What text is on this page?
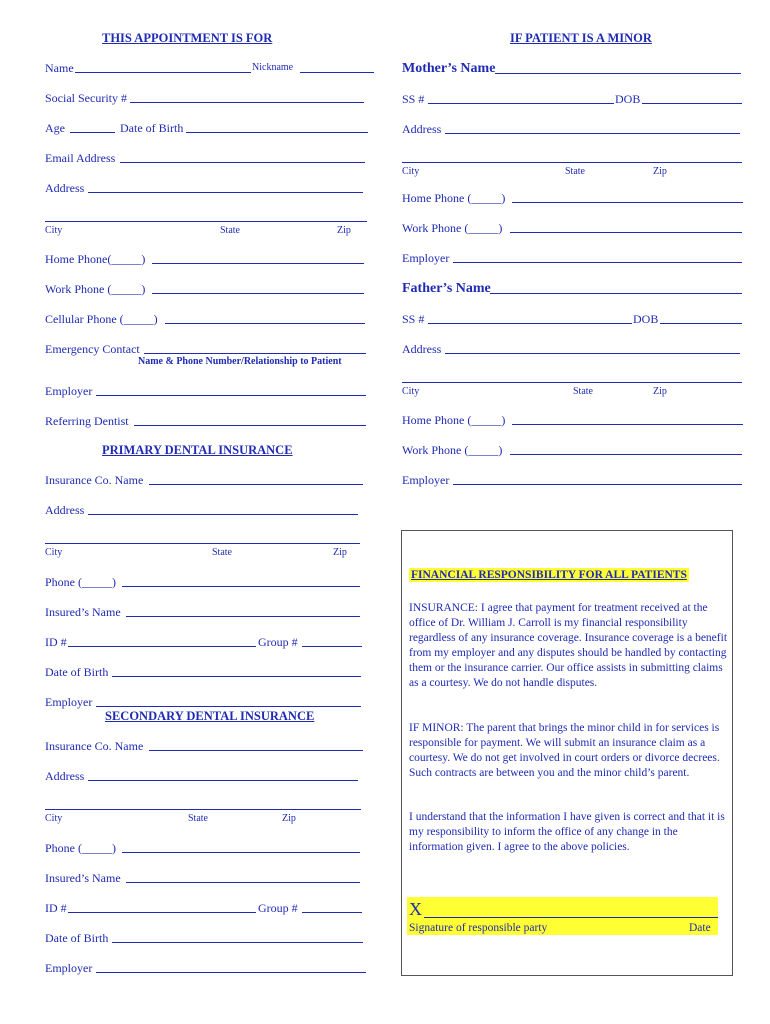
THIS APPOINTMENT IS FOR
Name	Nickname
Social Security #
Age	Date of Birth
Email Address
Address
City	State	Zip
Home Phone(_____)
Work Phone (_____)
Cellular Phone (_____)
Emergency Contact
Name & Phone Number/Relationship to Patient
Employer
Referring Dentist
PRIMARY DENTAL INSURANCE
Insurance Co. Name
Address
City	State	Zip
Phone (_____)
Insured’s Name
ID #	Group #
Date of Birth
Employer
SECONDARY DENTAL INSURANCE
Insurance Co. Name
Address
City	State	Zip
Phone (_____)
Insured’s Name
ID #	Group #
Date of Birth
Employer
IF PATIENT IS A MINOR
Mother’s Name
SS #	DOB
Address
City	State	Zip
Home Phone (_____)
Work Phone (_____)
Employer
Father’s Name
SS #	DOB
Address
City	State	Zip
Home Phone (_____)
Work Phone (_____)
Employer
FINANCIAL RESPONSIBILITY FOR ALL PATIENTS
INSURANCE: I agree that payment for treatment received at the office of Dr. William J. Carroll is my financial responsibility regardless of any insurance coverage. Insurance coverage is a benefit from my employer and any disputes should be handled by contacting them or the insurance carrier. Our office assists in submitting claims as a courtesy. We do not handle disputes.
IF MINOR: The parent that brings the minor child in for services is responsible for payment. We will submit an insurance claim as a courtesy. We do not get involved in court orders or divorce decrees. Such contracts are between you and the minor child’s parent.
I understand that the information I have given is correct and that it is my responsibility to inform the office of any change in the information given. I agree to the above policies.
X
Signature of responsible party	Date
